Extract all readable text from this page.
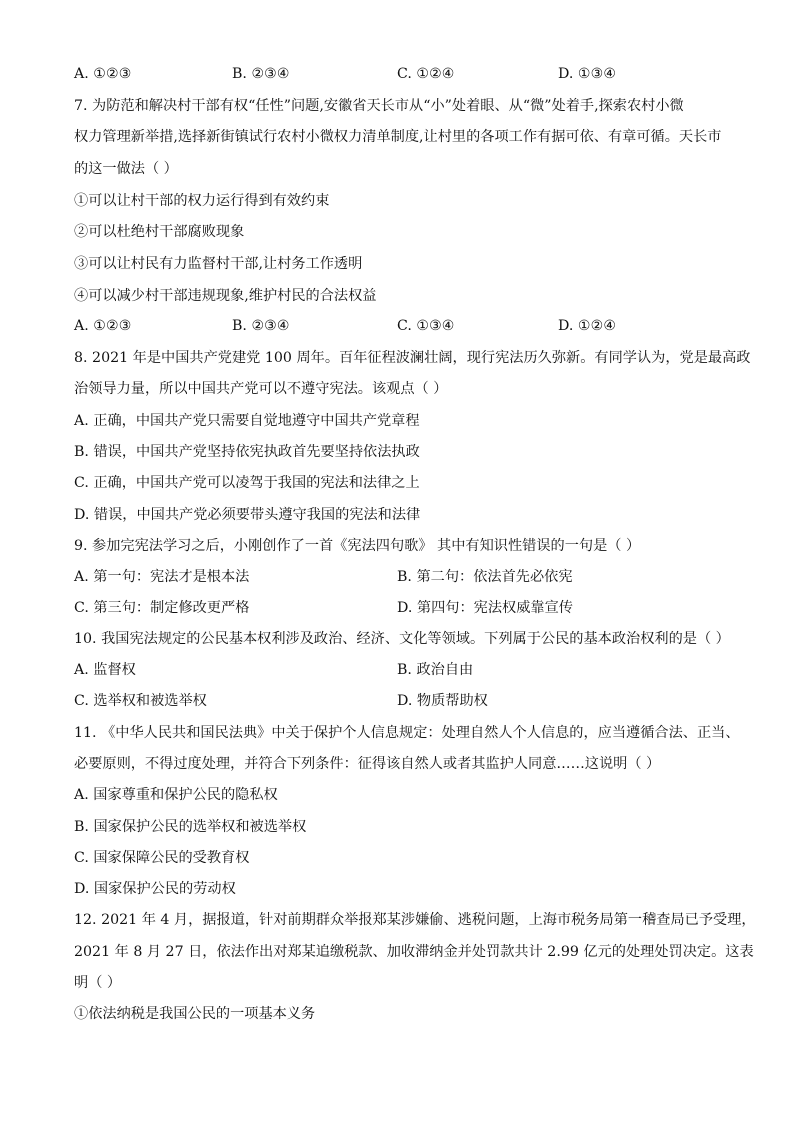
A. ①②③	B. ②③④	C. ①②④	D. ①③④
7. 为防范和解决村干部有权“任性”问题,安徽省天长市从“小”处着眼、从“微”处着手,探索农村小微
权力管理新举措,选择新街镇试行农村小微权力清单制度,让村里的各项工作有据可依、有章可循。天长市
的这一做法（ ）
①可以让村干部的权力运行得到有效约束
②可以杜绝村干部腐败现象
③可以让村民有力监督村干部,让村务工作透明
④可以减少村干部违规现象,维护村民的合法权益
A. ①②③	B. ②③④	C. ①③④	D. ①②④
8. 2021 年是中国共产党建党 100 周年。百年征程波澜壮阔，现行宪法历久弥新。有同学认为，党是最高政
治领导力量，所以中国共产党可以不遵守宪法。该观点（ ）
A. 正确，中国共产党只需要自觉地遵守中国共产党章程
B. 错误，中国共产党坚持依宪执政首先要坚持依法执政
C. 正确，中国共产党可以凌驾于我国的宪法和法律之上
D. 错误，中国共产党必须要带头遵守我国的宪法和法律
9. 参加完宪法学习之后，小刚创作了一首《宪法四句歌》 其中有知识性错误的一句是（ ）
A. 第一句：宪法才是根本法	B. 第二句：依法首先必依宪
C. 第三句：制定修改更严格	D. 第四句：宪法权威靠宣传
10. 我国宪法规定的公民基本权利涉及政治、经济、文化等领域。下列属于公民的基本政治权利的是（ ）
A. 监督权	B. 政治自由
C. 选举权和被选举权	D. 物质帮助权
11. 《中华人民共和国民法典》中关于保护个人信息规定：处理自然人个人信息的，应当遵循合法、正当、
必要原则，不得过度处理，并符合下列条件：征得该自然人或者其监护人同意……这说明（ ）
A. 国家尊重和保护公民的隐私权
B. 国家保护公民的选举权和被选举权
C. 国家保障公民的受教育权
D. 国家保护公民的劳动权
12. 2021 年 4 月，据报道，针对前期群众举报郑某涉嫌偷、逃税问题，上海市税务局第一稽查局已予受理，
2021 年 8 月 27 日，依法作出对郑某追缴税款、加收滞纳金并处罚款共计 2.99 亿元的处理处罚决定。这表
明（ ）
①依法纳税是我国公民的一项基本义务
